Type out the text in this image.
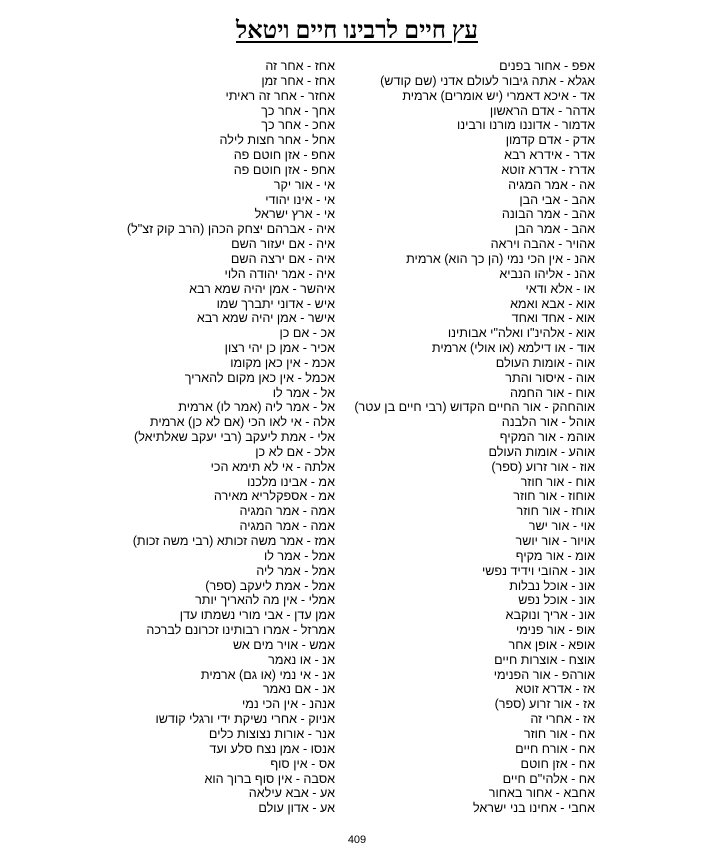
עץ חיים לרבינו חיים ויטאל
אפפ - אחור בפנים
אגלא - אתה גיבור לעולם אדני (שם קודש)
אד - איכא דאמרי (יש אומרים) ארמית
אדהר - אדם הראשון
אדמור - אדוננו מורנו ורבינו
אדק - אדם קדמון
אדר - אידרא רבא
אדרז - אדרא זוטא
אה - אמר המגיה
אהב - אבי הבן
אהב - אמר הבונה
אהב - אמר הבן
אהויר - אהבה ויראה
אהנ - אין הכי נמי (הן כך הוא) ארמית
אהנ - אליהו הנביא
או - אלא ודאי
אוא - אבא ואמא
אוא - אחד ואחד
אוא - אלהינ"ו ואלה"י אבותינו
אוד - או דילמא (או אולי) ארמית
אוה - אומות העולם
אוה - איסור והתר
אוח - אור החמה
אוהחהק - אור החיים הקדוש (רבי חיים בן עטר)
אוהל - אור הלבנה
אוהמ - אור המקיף
אוהע - אומות העולם
אוז - אור זרוע (ספר)
אוח - אור חוזר
אוחוז - אור חוזר
אוחז - אור חוזר
אוי - אור ישר
אויור - אור יושר
אומ - אור מקיף
אונ - אהובי וידיד נפשי
אונ - אוכל נבלות
אונ - אוכל נפש
אונ - אריך ונוקבא
אופ - אור פנימי
אופא - אופן אחר
אוצח - אוצרות חיים
אורהפ - אור הפנימי
אז - אדרא זוטא
אז - אור זרוע (ספר)
אז - אחרי זה
אח - אור חוזר
אח - אורח חיים
אח - אזן חוטם
אח - אלהי"ם חיים
אחבא - אחור באחור
אחבי - אחינו בני ישראל
אחז - אחר זה
אחז - אחר זמן
אחזר - אחר זה ראיתי
אחך - אחר כך
אחכ - אחר כך
אחל - אחר חצות לילה
אחפ - אזן חוטם פה
אחפ - אזן חוטם פה
אי - אור יקר
אי - אינו יהודי
אי - ארץ ישראל
איה - אברהם יצחק הכהן (הרב קוק זצ"ל)
איה - אם יעזור השם
איה - אם ירצה השם
איה - אמר יהודה הלוי
איהשר - אמן יהיה שמא רבא
איש - אדוני יתברך שמו
אישר - אמן יהיה שמא רבא
אכ - אם כן
אכיר - אמן כן יהי רצון
אכמ - אין כאן מקומו
אכמל - אין כאן מקום להאריך
אל - אמר לו
אל - אמר ליה (אמר לו) ארמית
אלה - אי לאו הכי (אם לא כן) ארמית
אלי - אמת ליעקב (רבי יעקב שאלתיאל)
אלכ - אם לא כן
אלתה - אי לא תימא הכי
אמ - אבינו מלכנו
אמ - אספקלריא מאירה
אמה - אמר המגיה
אמה - אמר המגיה
אמז - אמר משה זכותא (רבי משה זכות)
אמל - אמר לו
אמל - אמר ליה
אמל - אמת ליעקב (ספר)
אמלי - אין מה להאריך יותר
אמן עדן - אבי מורי נשמתו עדן
אמרזל - אמרו רבותינו זכרונם לברכה
אמש - אויר מים אש
אנ - או נאמר
אנ - אי נמי (או גם) ארמית
אנ - אם נאמר
אנהנ - אין הכי נמי
אניוק - אחרי נשיקת ידי ורגלי קודשו
אנר - אורות נצוצות כלים
אנסו - אמן נצח סלע ועד
אס - אין סוף
אסבה - אין סוף ברוך הוא
אע - אבא עילאה
אע - אדון עולם
409
